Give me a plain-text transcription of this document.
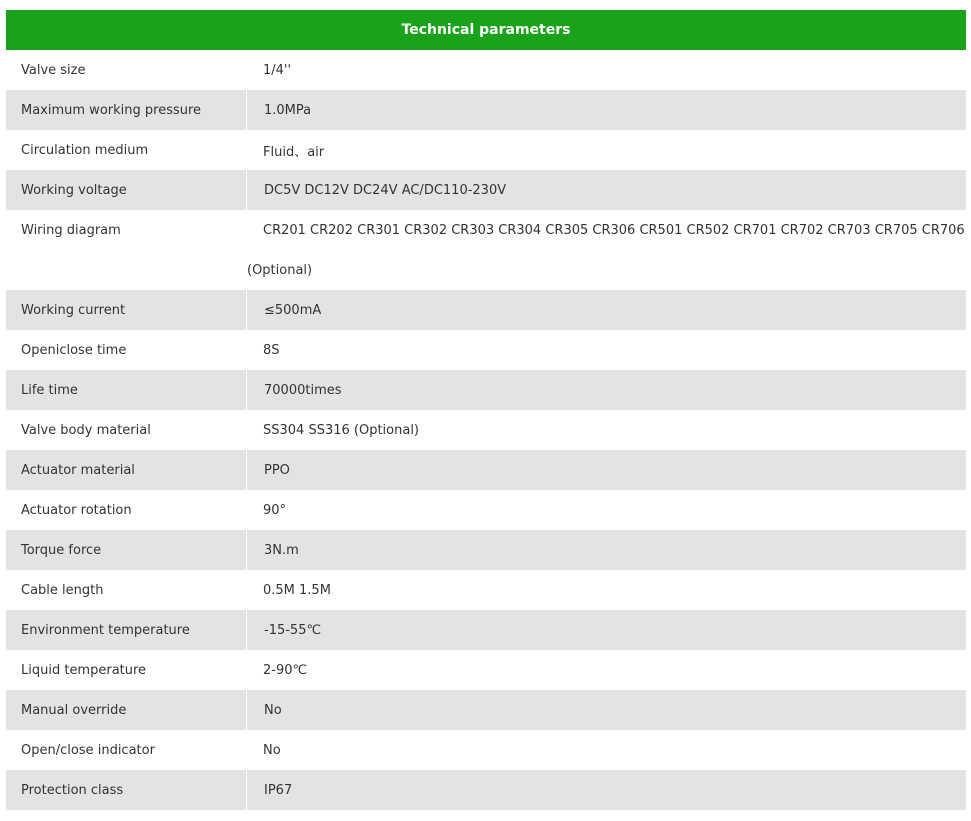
Technical parameters
Valve size	1/4''
Maximum working pressure	1.0MPa
Circulation medium	Fluid、air
Working voltage	DC5V DC12V DC24V AC/DC110-230V
Wiring diagram	CR201 CR202 CR301 CR302 CR303 CR304 CR305 CR306 CR501 CR502 CR701 CR702 CR703 CR705 CR706
(Optional)
Working current	≤500mA
Openiclose time	8S
Life time	70000times
Valve body material	SS304 SS316 (Optional)
Actuator material	PPO
Actuator rotation	90°
Torque force	3N.m
Cable length	0.5M 1.5M
Environment temperature	-15-55℃
Liquid temperature	2-90℃
Manual override	No
Open/close indicator	No
Protection class	IP67
